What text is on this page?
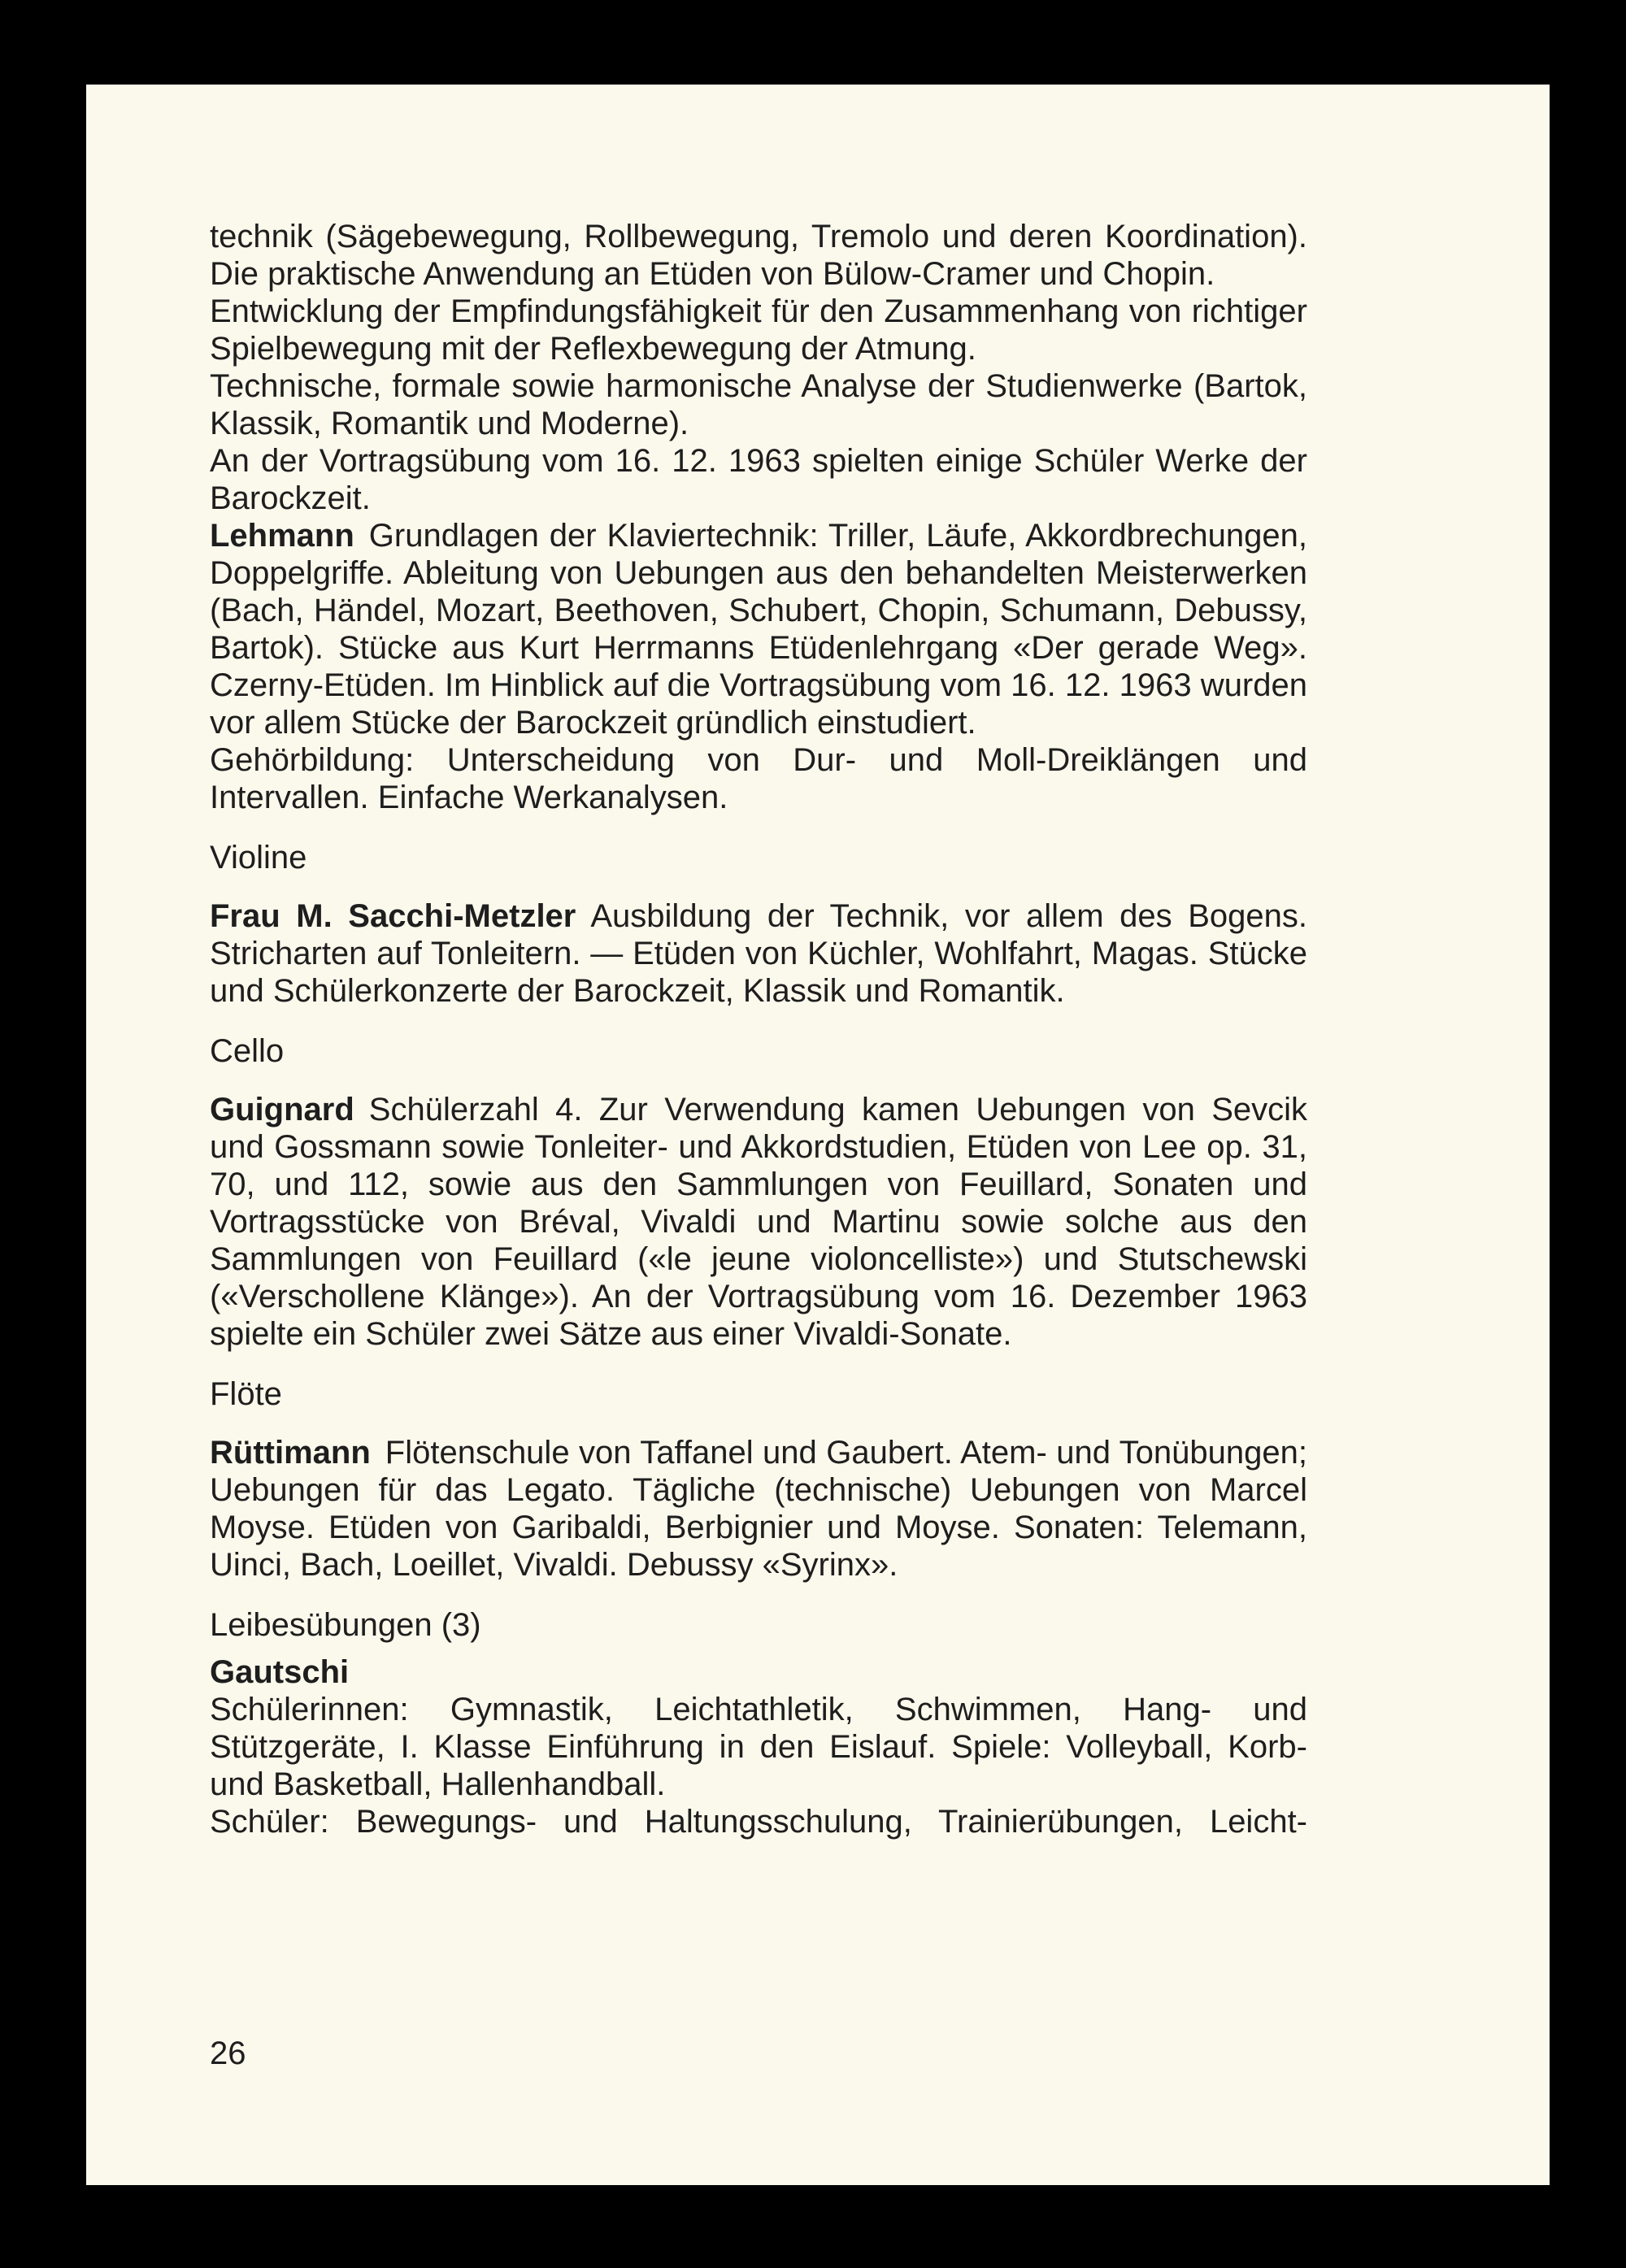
technik (Sägebewegung, Rollbewegung, Tremolo und deren Koordination). Die praktische Anwendung an Etüden von Bülow-Cramer und Chopin.

Entwicklung der Empfindungsfähigkeit für den Zusammenhang von richtiger Spielbewegung mit der Reflexbewegung der Atmung.

Technische, formale sowie harmonische Analyse der Studienwerke (Bartok, Klassik, Romantik und Moderne).

An der Vortragsübung vom 16. 12. 1963 spielten einige Schüler Werke der Barockzeit.

Lehmann Grundlagen der Klaviertechnik: Triller, Läufe, Akkordbrechungen, Doppelgriffe. Ableitung von Uebungen aus den behandelten Meisterwerken (Bach, Händel, Mozart, Beethoven, Schubert, Chopin, Schumann, Debussy, Bartok). Stücke aus Kurt Herrmanns Etüdenlehrgang «Der gerade Weg». Czerny-Etüden. Im Hinblick auf die Vortragsübung vom 16. 12. 1963 wurden vor allem Stücke der Barockzeit gründlich einstudiert.

Gehörbildung: Unterscheidung von Dur- und Moll-Dreiklängen und Intervallen. Einfache Werkanalysen.

Violine

Frau M. Sacchi-Metzler Ausbildung der Technik, vor allem des Bogens. Stricharten auf Tonleitern. — Etüden von Küchler, Wohlfahrt, Magas. Stücke und Schülerkonzerte der Barockzeit, Klassik und Romantik.

Cello

Guignard Schülerzahl 4. Zur Verwendung kamen Uebungen von Sevcik und Gossmann sowie Tonleiter- und Akkordstudien, Etüden von Lee op. 31, 70, und 112, sowie aus den Sammlungen von Feuillard, Sonaten und Vortragsstücke von Bréval, Vivaldi und Martinu sowie solche aus den Sammlungen von Feuillard («le jeune violoncelliste») und Stutschewski («Verschollene Klänge»). An der Vortragsübung vom 16. Dezember 1963 spielte ein Schüler zwei Sätze aus einer Vivaldi-Sonate.

Flöte

Rüttimann Flötenschule von Taffanel und Gaubert. Atem- und Tonübungen; Uebungen für das Legato. Tägliche (technische) Uebungen von Marcel Moyse. Etüden von Garibaldi, Berbignier und Moyse. Sonaten: Telemann, Uinci, Bach, Loeillet, Vivaldi. Debussy «Syrinx».

Leibesübungen (3)

Gautschi

Schülerinnen: Gymnastik, Leichtathletik, Schwimmen, Hang- und Stützgeräte, I. Klasse Einführung in den Eislauf. Spiele: Volleyball, Korb- und Basketball, Hallenhandball.

Schüler: Bewegungs- und Haltungsschulung, Trainierübungen, Leicht-

26
